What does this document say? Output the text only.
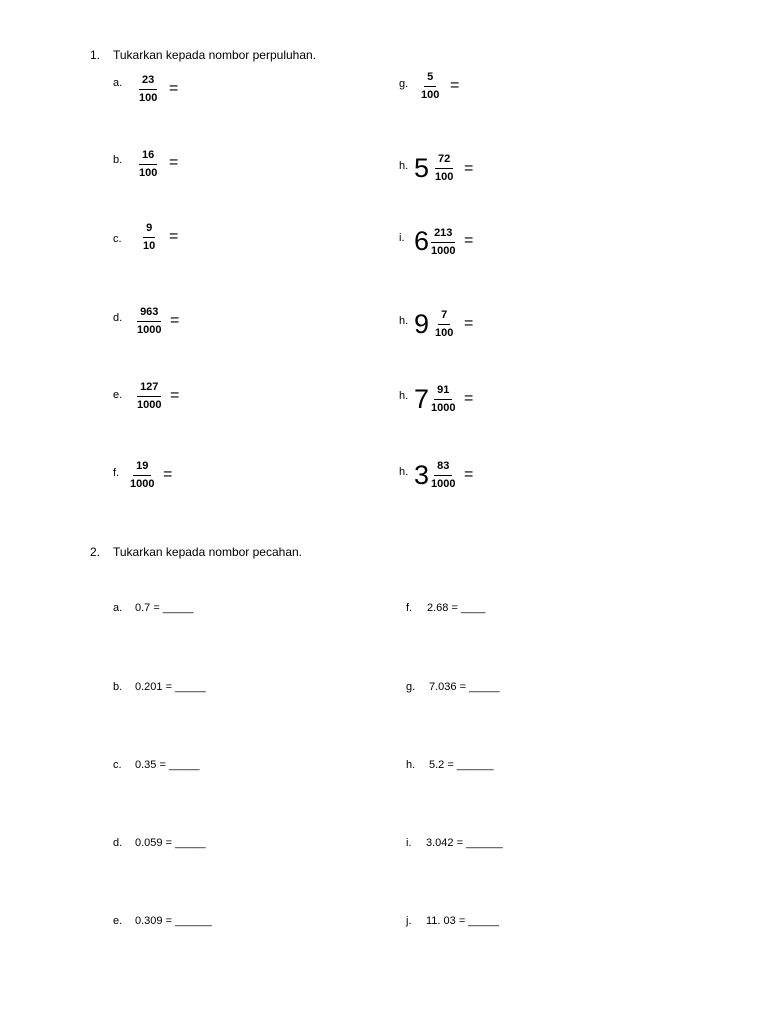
1. Tukarkan kepada nombor perpuluhan.
a. $\frac{23}{100}$ =
b. $\frac{16}{100}$ =
c. $\frac{9}{10}$ =
d. $\frac{963}{1000}$ =
e. $\frac{127}{1000}$ =
f. $\frac{19}{1000}$ =
g. $\frac{5}{100}$ =
h. $5 \frac{72}{100}$ =
i. 6
$\frac{213}{1000}$ =
h. $9 \frac{7}{100}$ =
h. 7
$\frac{91}{1000}$ =
h. 3
$\frac{83}{1000}$ =
2. Tukarkan kepada nombor pecahan.
a. 0.7 = _____
b. 0.201 = _____
c. 0.35 = _____
d. 0.059 = _____
e. 0.309 = ______
f. 2.68 = ____
g. 7.036 = _____
h. 5.2 = ______
i. 3.042 = ______
j. 11. 03 = _____
